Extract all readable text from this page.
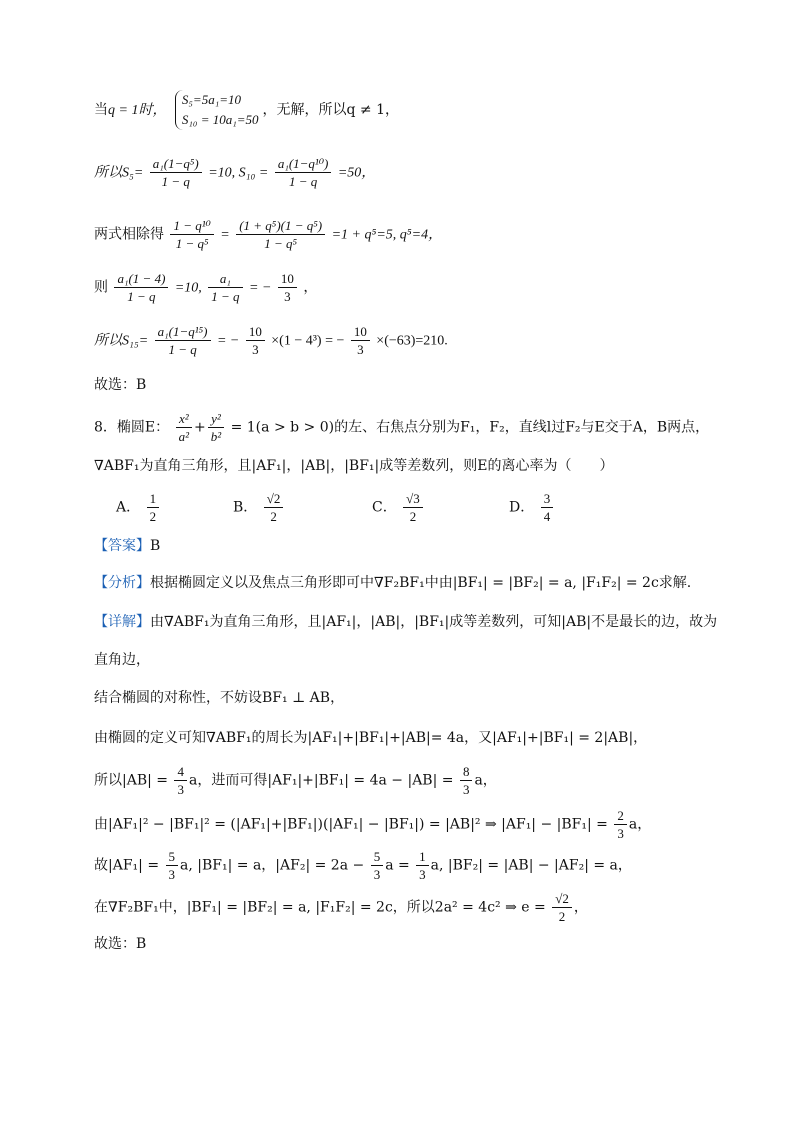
当q = 1时，
S₅=5a₁=10
S₁₀ = 10a₁=50
，无解，所以q ≠ 1，
所以$S_5= \frac{\text{a₁(1−q⁵)}}{1 - q} =10$, $S_{10} = \frac{\text{a₁(1−q¹⁰)}}{1 - q} =50$，
两式相除得 $\frac{\text{1 − q¹⁰}}{\text{1 − q⁵}} = \frac{\text{(1 + q⁵)(1 − q⁵)}}{\text{1 − q⁵}} =1 + q^5=5$, q⁵=4，
则 $\frac{\text{a₁(1 − 4)}}{1 - q} =10$, $\frac{\text{a₁}}{1 - q}$ = − $\frac{10}{3}$ ，
所以$S_{15}= \frac{\text{a₁(1−q¹⁵)}}{1 - q}$ = − $\frac{10}{3} \times(1 - 4^3)$ = − $\frac{10}{3} \times(-63)=210$.
故选：B
8．椭圆E： $\frac{\text{x²}}{\text{a²}} + \frac{\text{y²}}{\text{b²}} = 1(a > b > 0)$的左、右焦点分别为F₁，F₂，直线l过F₂与E交于A，B两点，
∇ABF₁为直角三角形，且|AF₁|，|AB|，|BF₁|成等差数列，则E的离心率为（　　）
A． $\frac{1}{2}$	B． $\frac{√2}{2}$	C． $\frac{√3}{2}$	D． $\frac{3}{4}$
【答案】B
【分析】根据椭圆定义以及焦点三角形即可中∇F₂BF₁中由|BF₁| = |BF₂| = a, |F₁F₂| = 2c求解.
【详解】由∇ABF₁为直角三角形，且|AF₁|，|AB|，|BF₁|成等差数列，可知|AB|不是最长的边，故为
直角边，
结合椭圆的对称性，不妨设BF₁ ⊥ AB，
由椭圆的定义可知∇ABF₁的周长为|AF₁|+|BF₁|+|AB|= 4a，又|AF₁|+|BF₁| = 2|AB|，
所以$|AB| = \frac{4}{3}$ a，进而可得$|AF_1|+|BF_1| = 4a - |AB| = \frac{8}{3}$ a，
由|AF₁|² − |BF₁|² = (|AF₁|+|BF₁|)(|AF₁| − |BF₁|) = |AB|² ⇒ $|AF_1| - |BF_1| = \frac{2}{3}$ a，
故$|AF_1| = \frac{5}{3} a$, |BF₁| = a，$|AF_2| = 2a - \frac{5}{3}$ $a = \frac{1}{3} a$, |BF₂| = |AB| − |AF₂| = a，
在∇F₂BF₁中，|BF₁| = |BF₂| = a, |F₁F₂| = 2c，所以2a² = 4c² ⇒ $e = \frac{√2}{2}$ ，
故选：B
